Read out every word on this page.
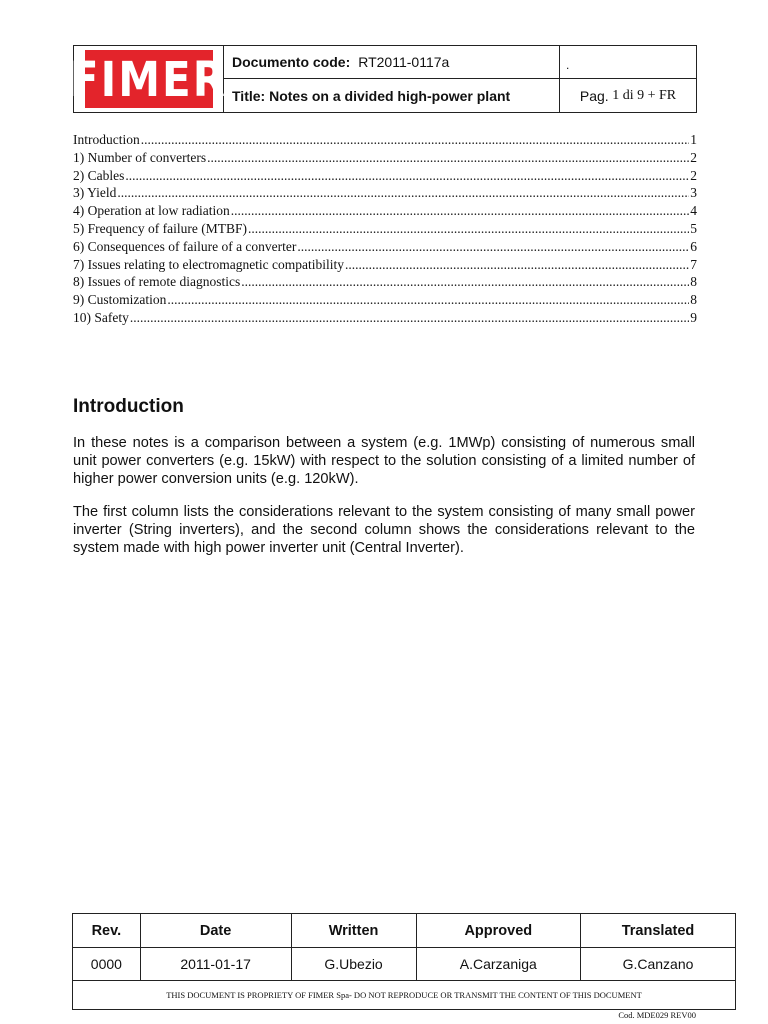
FIMER Documento code: RT2011-0117a
Title: Notes on a divided high-power plant
.
Pag.
1 di 9 + FR
Introduction .....	1
1) Number of converters .....	2
2) Cables .....	2
3) Yield .....	3
4) Operation at low radiation .....	4
5) Frequency of failure (MTBF) .....	5
6) Consequences of failure of a converter .....	6
7) Issues relating to electromagnetic compatibility .....	7
8) Issues of remote diagnostics .....	8
9) Customization .....	8
10) Safety .....	9
Introduction

In these notes is a comparison between a system (e.g. 1MWp) consisting of numerous small unit power converters (e.g. 15kW) with respect to the solution consisting of a limited number of higher power conversion units (e.g. 120kW).

The first column lists the considerations relevant to the system consisting of many small power inverter (String inverters), and the second column shows the considerations relevant to the system made with high power inverter unit (Central Inverter).

Rev.	Date	Written	Approved	Translated
0000	2011-01-17	G.Ubezio	A.Carzaniga	G.Canzano
THIS DOCUMENT IS PROPRIETY OF FIMER Spa- DO NOT REPRODUCE OR TRANSMIT THE CONTENT OF THIS DOCUMENT				
Cod. MDE029 REV00
